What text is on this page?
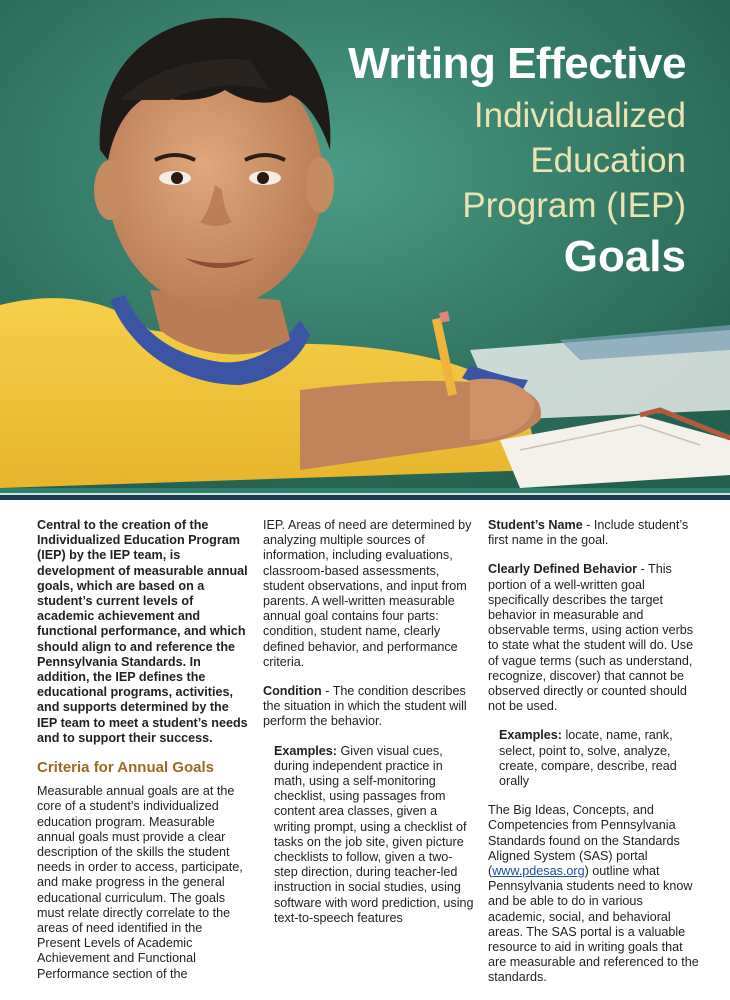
Writing Effective
Individualized
Education
Program (IEP)
Goals

Central to the creation of the Individualized Education Program (IEP) by the IEP team, is development of measurable annual goals, which are based on a student’s current levels of academic achievement and functional performance, and which should align to and reference the Pennsylvania Standards. In addition, the IEP defines the educational programs, activities, and supports determined by the IEP team to meet a student’s needs and to support their success.

Criteria for Annual Goals

Measurable annual goals are at the core of a student’s individualized education program. Measurable annual goals must provide a clear description of the skills the student needs in order to access, participate, and make progress in the general educational curriculum. The goals must relate directly correlate to the areas of need identified in the Present Levels of Academic Achievement and Functional Performance section of the

IEP. Areas of need are determined by analyzing multiple sources of information, including evaluations, classroom-based assessments, student observations, and input from parents. A well-written measurable annual goal contains four parts: condition, student name, clearly defined behavior, and performance criteria.

Condition - The condition describes the situation in which the student will perform the behavior.

Examples: Given visual cues, during independent practice in math, using a self-monitoring checklist, using passages from content area classes, given a writing prompt, using a checklist of tasks on the job site, given picture checklists to follow, given a two-step direction, during teacher-led instruction in social studies, using software with word prediction, using text-to-speech features

Student’s Name - Include student’s first name in the goal.

Clearly Defined Behavior - This portion of a well-written goal specifically describes the target behavior in measurable and observable terms, using action verbs to state what the student will do. Use of vague terms (such as understand, recognize, discover) that cannot be observed directly or counted should not be used.

Examples: locate, name, rank, select, point to, solve, analyze, create, compare, describe, read orally

The Big Ideas, Concepts, and Competencies from Pennsylvania Standards found on the Standards Aligned System (SAS) portal (www.pdesas.org) outline what Pennsylvania students need to know and be able to do in various academic, social, and behavioral areas. The SAS portal is a valuable resource to aid in writing goals that are measurable and referenced to the standards.
